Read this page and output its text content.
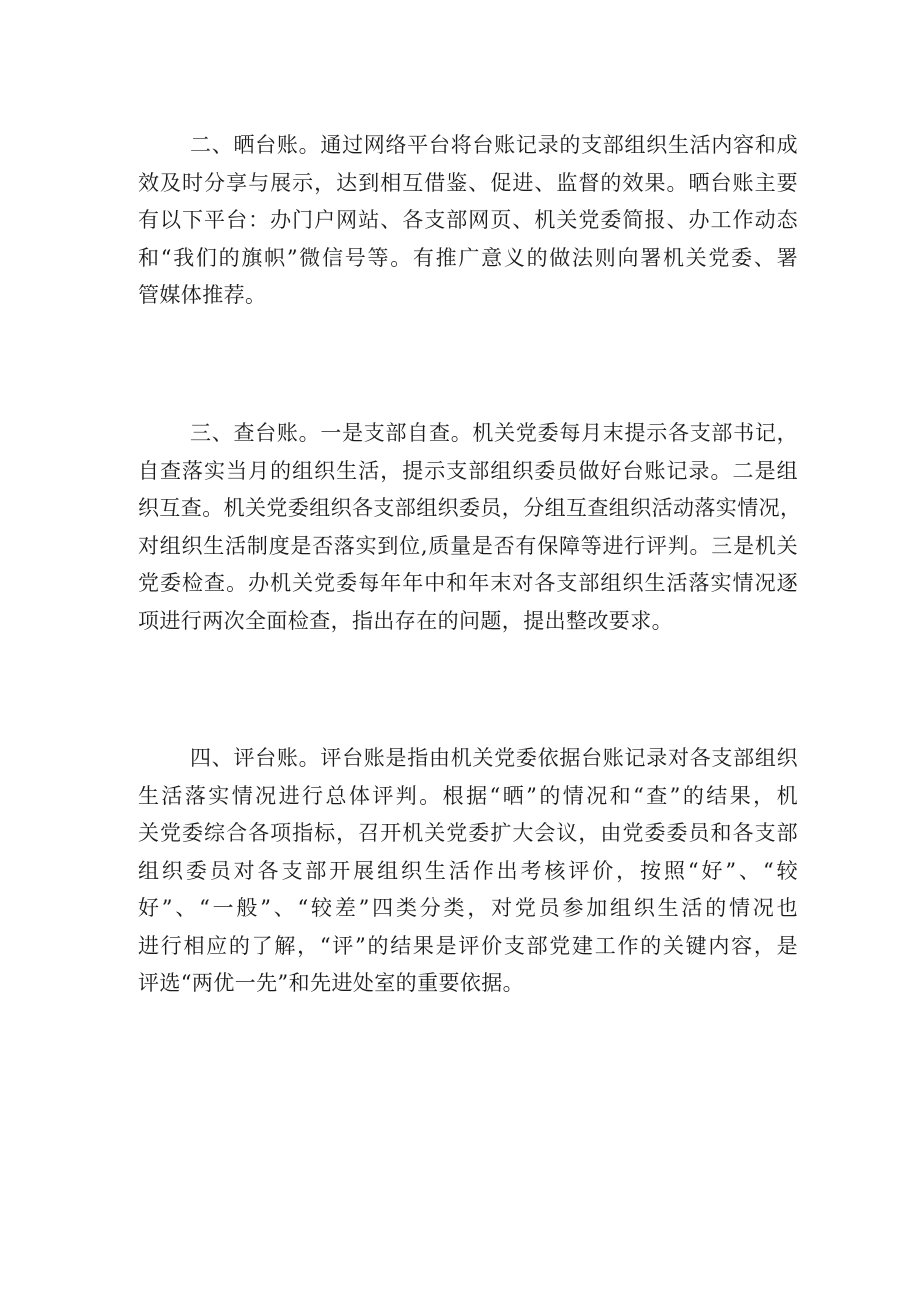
二、晒台账。通过网络平台将台账记录的支部组织生活内容和成
效及时分享与展示，达到相互借鉴、促进、监督的效果。晒台账主要
有以下平台：办门户网站、各支部网页、机关党委简报、办工作动态
和“我们的旗帜”微信号等。有推广意义的做法则向署机关党委、署
管媒体推荐。
三、查台账。一是支部自查。机关党委每月末提示各支部书记，
自查落实当月的组织生活，提示支部组织委员做好台账记录。二是组
织互查。机关党委组织各支部组织委员，分组互查组织活动落实情况，
对组织生活制度是否落实到位,质量是否有保障等进行评判。三是机关
党委检查。办机关党委每年年中和年末对各支部组织生活落实情况逐
项进行两次全面检查，指出存在的问题，提出整改要求。
四、评台账。评台账是指由机关党委依据台账记录对各支部组织
生活落实情况进行总体评判。根据“晒”的情况和“查”的结果，机
关党委综合各项指标，召开机关党委扩大会议，由党委委员和各支部
组织委员对各支部开展组织生活作出考核评价，按照“好”、“较
好”、“一般”、“较差”四类分类，对党员参加组织生活的情况也
进行相应的了解，“评”的结果是评价支部党建工作的关键内容，是
评选“两优一先”和先进处室的重要依据。
